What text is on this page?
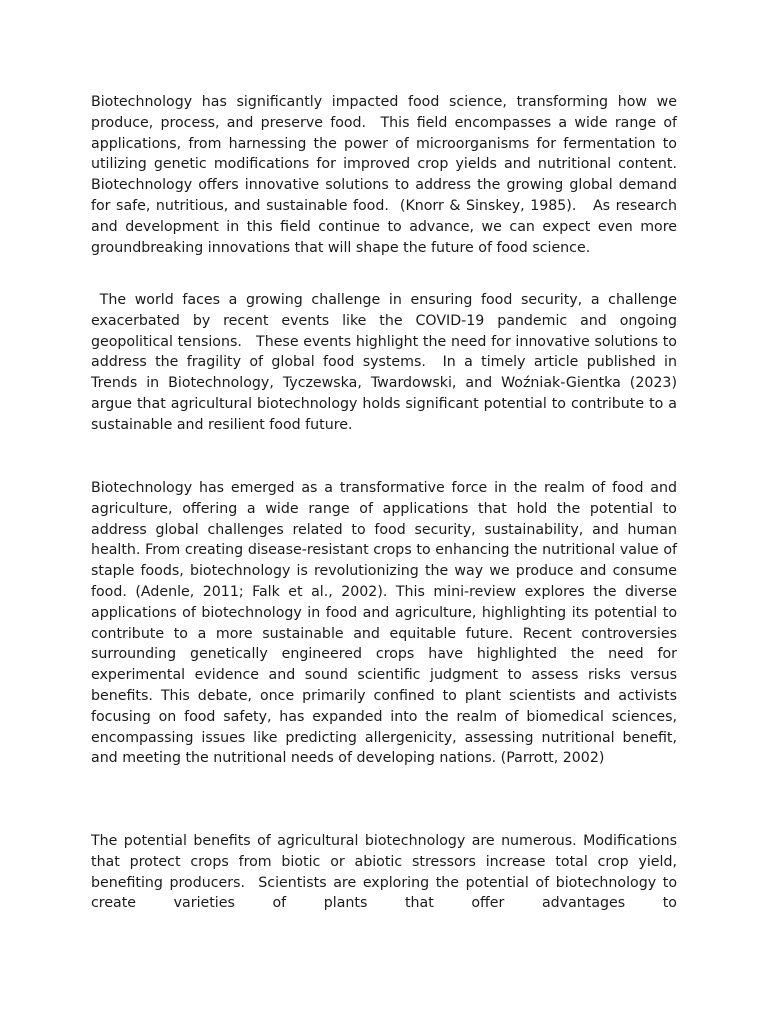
Biotechnology has significantly impacted food science, transforming how we produce, process, and preserve food.  This field encompasses a wide range of applications, from harnessing the power of microorganisms for fermentation to utilizing genetic modifications for improved crop yields and nutritional content.  Biotechnology offers innovative solutions to address the growing global demand for safe, nutritious, and sustainable food.  (Knorr & Sinskey, 1985).   As research and development in this field continue to advance, we can expect even more groundbreaking innovations that will shape the future of food science.

The world faces a growing challenge in ensuring food security, a challenge exacerbated by recent events like the COVID-19 pandemic and ongoing geopolitical tensions.   These events highlight the need for innovative solutions to address the fragility of global food systems.  In a timely article published in Trends in Biotechnology, Tyczewska, Twardowski, and Woźniak-Gientka (2023) argue that agricultural biotechnology holds significant potential to contribute to a sustainable and resilient food future.

Biotechnology has emerged as a transformative force in the realm of food and agriculture, offering a wide range of applications that hold the potential to address global challenges related to food security, sustainability, and human health. From creating disease-resistant crops to enhancing the nutritional value of staple foods, biotechnology is revolutionizing the way we produce and consume food. (Adenle, 2011; Falk et al., 2002). This mini-review explores the diverse applications of biotechnology in food and agriculture, highlighting its potential to contribute to a more sustainable and equitable future. Recent controversies surrounding genetically engineered crops have highlighted the need for experimental evidence and sound scientific judgment to assess risks versus benefits. This debate, once primarily confined to plant scientists and activists focusing on food safety, has expanded into the realm of biomedical sciences, encompassing issues like predicting allergenicity, assessing nutritional benefit, and meeting the nutritional needs of developing nations. (Parrott, 2002)

The potential benefits of agricultural biotechnology are numerous. Modifications that protect crops from biotic or abiotic stressors increase total crop yield, benefiting producers.  Scientists are exploring the potential of biotechnology to create varieties of plants that offer advantages to
